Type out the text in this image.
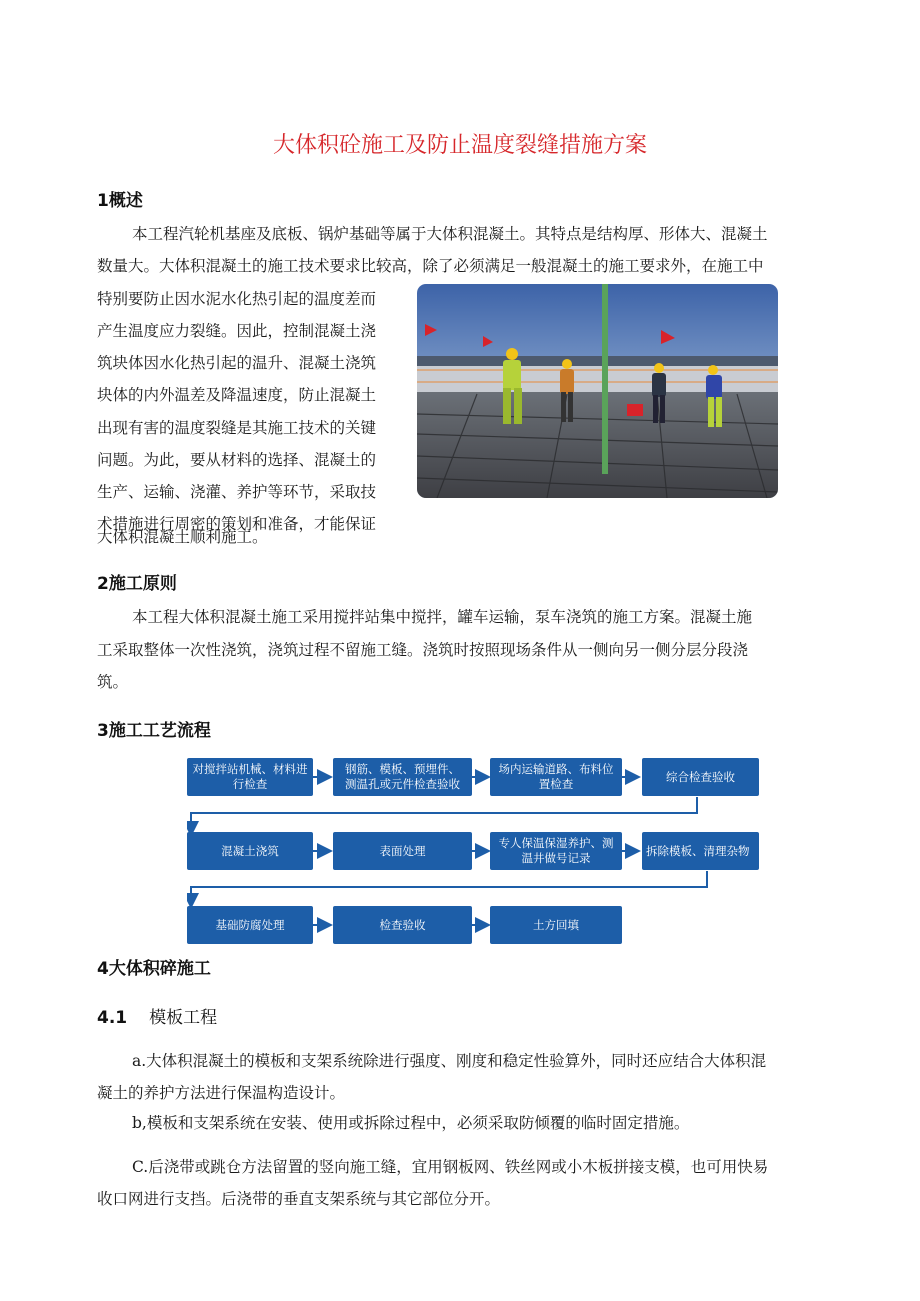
大体积砼施工及防止温度裂缝措施方案
1概述
本工程汽轮机基座及底板、锅炉基础等属于大体积混凝土。其特点是结构厚、形体大、混凝土
数量大。大体积混凝土的施工技术要求比较高，除了必须满足一般混凝土的施工要求外，在施工中
特别要防止因水泥水化热引起的温度差而
产生温度应力裂缝。因此，控制混凝土浇
筑块体因水化热引起的温升、混凝土浇筑
块体的内外温差及降温速度，防止混凝土
出现有害的温度裂缝是其施工技术的关键
问题。为此，要从材料的选择、混凝土的
生产、运输、浇灌、养护等环节，采取技
术措施进行周密的策划和准备，才能保证
大体积混凝土顺利施工。
2施工原则
本工程大体积混凝土施工采用搅拌站集中搅拌，罐车运输，泵车浇筑的施工方案。混凝土施
工采取整体一次性浇筑，浇筑过程不留施工缝。浇筑时按照现场条件从一侧向另一侧分层分段浇
筑。
3施工工艺流程
对搅拌站机械、材料进
行检查
钢筋、模板、预埋件、
测温孔或元件检查验收
场内运输道路、布料位
置检查
综合检查验收
混凝土浇筑	表面处理
专人保温保湿养护、测
温井做号记录
拆除模板、清理杂物
基础防腐处理	检查验收	土方回填
4大体积碎施工
4.1 模板工程
a.大体积混凝土的模板和支架系统除进行强度、刚度和稳定性验算外，同时还应结合大体积混
凝土的养护方法进行保温构造设计。
b,模板和支架系统在安装、使用或拆除过程中，必须采取防倾覆的临时固定措施。
C.后浇带或跳仓方法留置的竖向施工缝，宜用钢板网、铁丝网或小木板拼接支模，也可用快易
收口网进行支挡。后浇带的垂直支架系统与其它部位分开。
